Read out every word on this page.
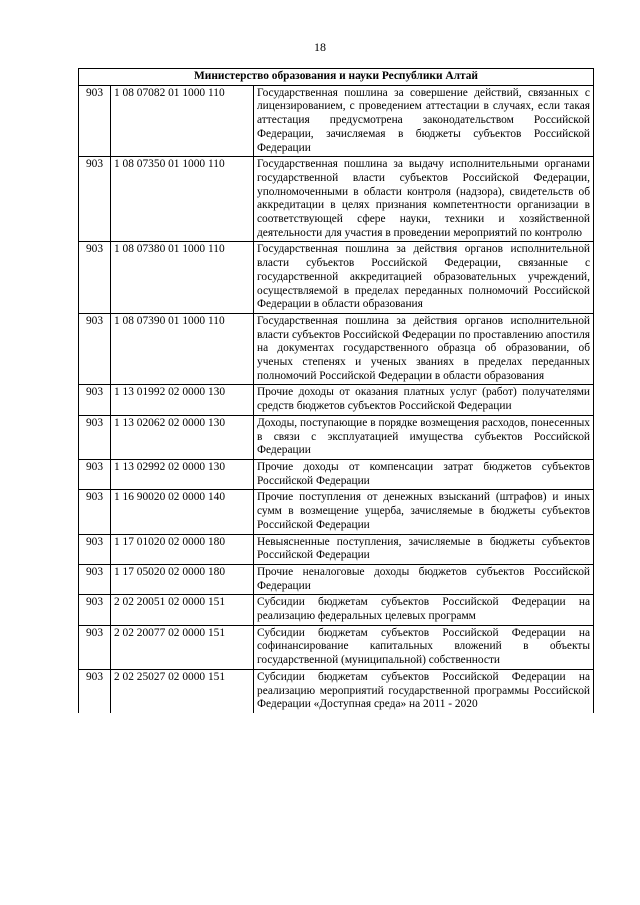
18
Министерство образования и науки Республики Алтай		
903	1 08 07082 01 1000 110	Государственная пошлина за совершение действий, связанных с лицензированием, с проведением аттестации в случаях, если такая аттестация предусмотрена законодательством Российской Федерации, зачисляемая в бюджеты субъектов Российской Федерации
903	1 08 07350 01 1000 110	Государственная пошлина за выдачу исполнительными органами государственной власти субъектов Российской Федерации, уполномоченными в области контроля (надзора), свидетельств об аккредитации в целях признания компетентности организации в соответствующей сфере науки, техники и хозяйственной деятельности для участия в проведении мероприятий по контролю
903	1 08 07380 01 1000 110	Государственная пошлина за действия органов исполнительной власти субъектов Российской Федерации, связанные с государственной аккредитацией образовательных учреждений, осуществляемой в пределах переданных полномочий Российской Федерации в области образования
903	1 08 07390 01 1000 110	Государственная пошлина за действия органов исполнительной власти субъектов Российской Федерации по проставлению апостиля на документах государственного образца об образовании, об ученых степенях и ученых званиях в пределах переданных полномочий Российской Федерации в области образования
903	1 13 01992 02 0000 130	Прочие доходы от оказания платных услуг (работ) получателями средств бюджетов субъектов Российской Федерации
903	1 13 02062 02 0000 130	Доходы, поступающие в порядке возмещения расходов, понесенных в связи с эксплуатацией имущества субъектов Российской Федерации
903	1 13 02992 02 0000 130	Прочие доходы от компенсации затрат бюджетов субъектов Российской Федерации
903	1 16 90020 02 0000 140	Прочие поступления от денежных взысканий (штрафов) и иных сумм в возмещение ущерба, зачисляемые в бюджеты субъектов Российской Федерации
903	1 17 01020 02 0000 180	Невыясненные поступления, зачисляемые в бюджеты субъектов Российской Федерации
903	1 17 05020 02 0000 180	Прочие неналоговые доходы бюджетов субъектов Российской Федерации
903	2 02 20051 02 0000 151	Субсидии бюджетам субъектов Российской Федерации на реализацию федеральных целевых программ
903	2 02 20077 02 0000 151	Субсидии бюджетам субъектов Российской Федерации на софинансирование капитальных вложений в объекты государственной (муниципальной) собственности
903	2 02 25027 02 0000 151	Субсидии бюджетам субъектов Российской Федерации на реализацию мероприятий государственной программы Российской Федерации «Доступная среда» на 2011 - 2020
